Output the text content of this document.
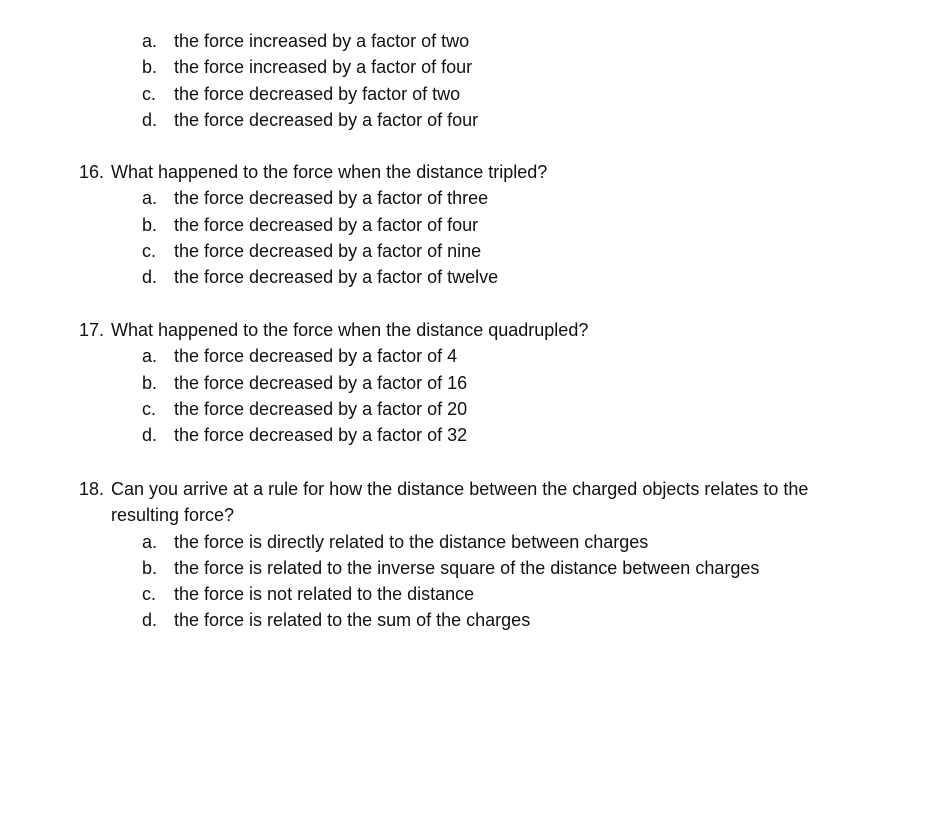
a. the force increased by a factor of two
b. the force increased by a factor of four
c. the force decreased by factor of two
d. the force decreased by a factor of four
16. What happened to the force when the distance tripled?
a. the force decreased by a factor of three
b. the force decreased by a factor of four
c. the force decreased by a factor of nine
d. the force decreased by a factor of twelve
17. What happened to the force when the distance quadrupled?
a. the force decreased by a factor of 4
b. the force decreased by a factor of 16
c. the force decreased by a factor of 20
d. the force decreased by a factor of 32
18. Can you arrive at a rule for how the distance between the charged objects relates to the resulting force?
a. the force is directly related to the distance between charges
b. the force is related to the inverse square of the distance between charges
c. the force is not related to the distance
d. the force is related to the sum of the charges
